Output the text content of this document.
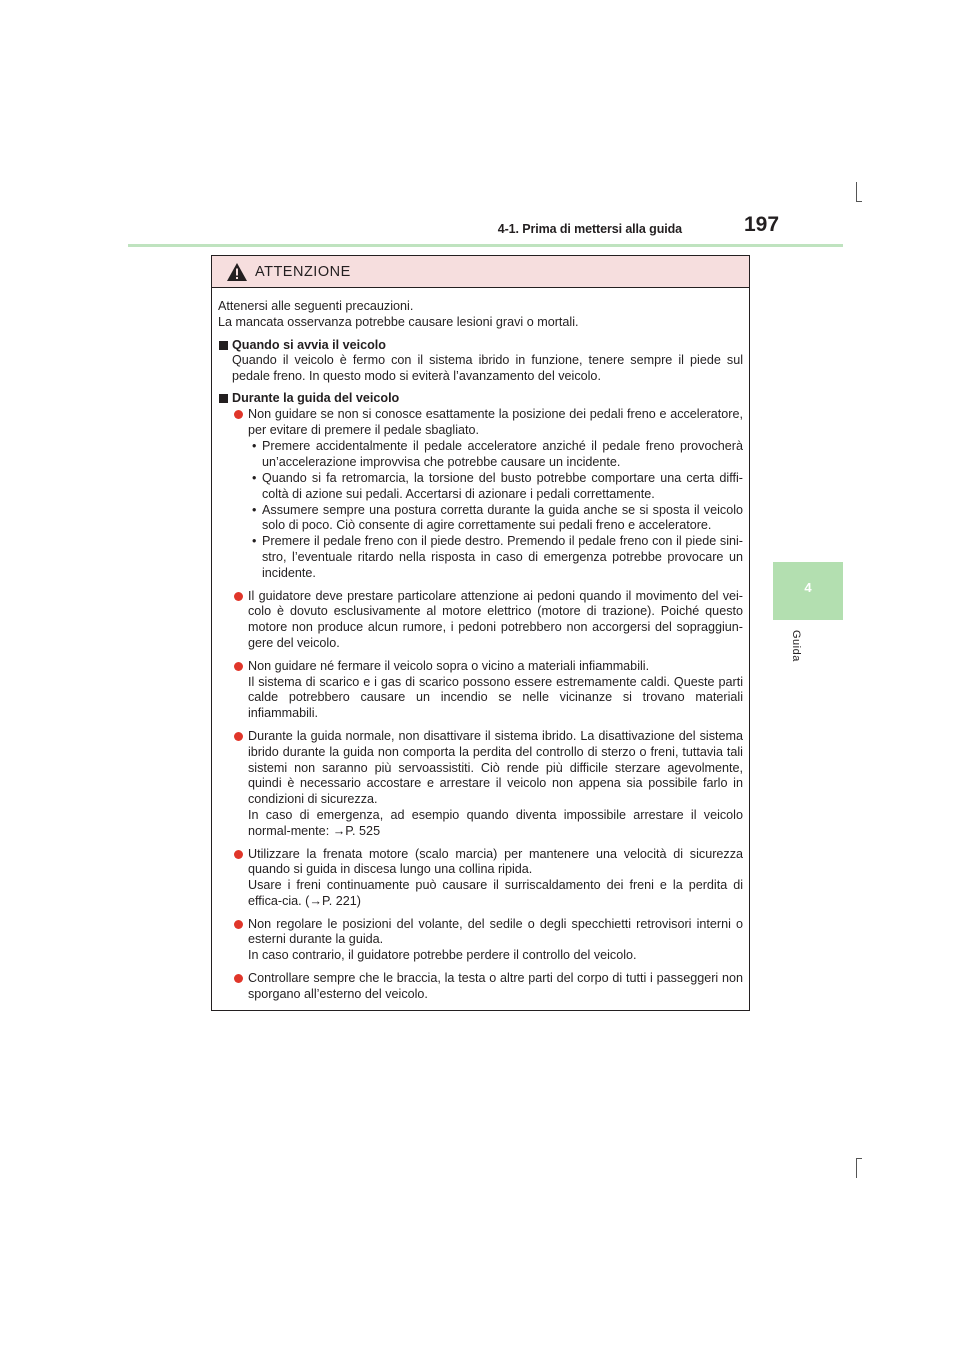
4-1. Prima di mettersi alla guida	197
4
Guida
ATTENZIONE

Attenersi alle seguenti precauzioni.
La mancata osservanza potrebbe causare lesioni gravi o mortali.

Quando si avvia il veicolo

Quando il veicolo è fermo con il sistema ibrido in funzione, tenere sempre il piede sul pedale freno. In questo modo si eviterà l’avanzamento del veicolo.

Durante la guida del veicolo

Non guidare se non si conosce esattamente la posizione dei pedali freno e acceleratore, per evitare di premere il pedale sbagliato.

• Premere accidentalmente il pedale acceleratore anziché il pedale freno provocherà un’accelerazione improvvisa che potrebbe causare un incidente.

• Quando si fa retromarcia, la torsione del busto potrebbe comportare una certa diffi-coltà di azione sui pedali. Accertarsi di azionare i pedali correttamente.

• Assumere sempre una postura corretta durante la guida anche se si sposta il veicolo solo di poco. Ciò consente di agire correttamente sui pedali freno e acceleratore.

• Premere il pedale freno con il piede destro. Premendo il pedale freno con il piede sini-stro, l’eventuale ritardo nella risposta in caso di emergenza potrebbe provocare un incidente.

Il guidatore deve prestare particolare attenzione ai pedoni quando il movimento del vei-colo è dovuto esclusivamente al motore elettrico (motore di trazione). Poiché questo motore non produce alcun rumore, i pedoni potrebbero non accorgersi del sopraggiun-gere del veicolo.

Non guidare né fermare il veicolo sopra o vicino a materiali infiammabili.
Il sistema di scarico e i gas di scarico possono essere estremamente caldi. Queste parti calde potrebbero causare un incendio se nelle vicinanze si trovano materiali infiammabili.

Durante la guida normale, non disattivare il sistema ibrido. La disattivazione del sistema ibrido durante la guida non comporta la perdita del controllo di sterzo o freni, tuttavia tali sistemi non saranno più servoassistiti. Ciò rende più difficile sterzare agevolmente, quindi è necessario accostare e arrestare il veicolo non appena sia possibile farlo in condizioni di sicurezza.
In caso di emergenza, ad esempio quando diventa impossibile arrestare il veicolo normal-mente: →P. 525

Utilizzare la frenata motore (scalo marcia) per mantenere una velocità di sicurezza quando si guida in discesa lungo una collina ripida.
Usare i freni continuamente può causare il surriscaldamento dei freni e la perdita di effica-cia. (→P. 221)

Non regolare le posizioni del volante, del sedile o degli specchietti retrovisori interni o esterni durante la guida.
In caso contrario, il guidatore potrebbe perdere il controllo del veicolo.

Controllare sempre che le braccia, la testa o altre parti del corpo di tutti i passeggeri non sporgano all’esterno del veicolo.
